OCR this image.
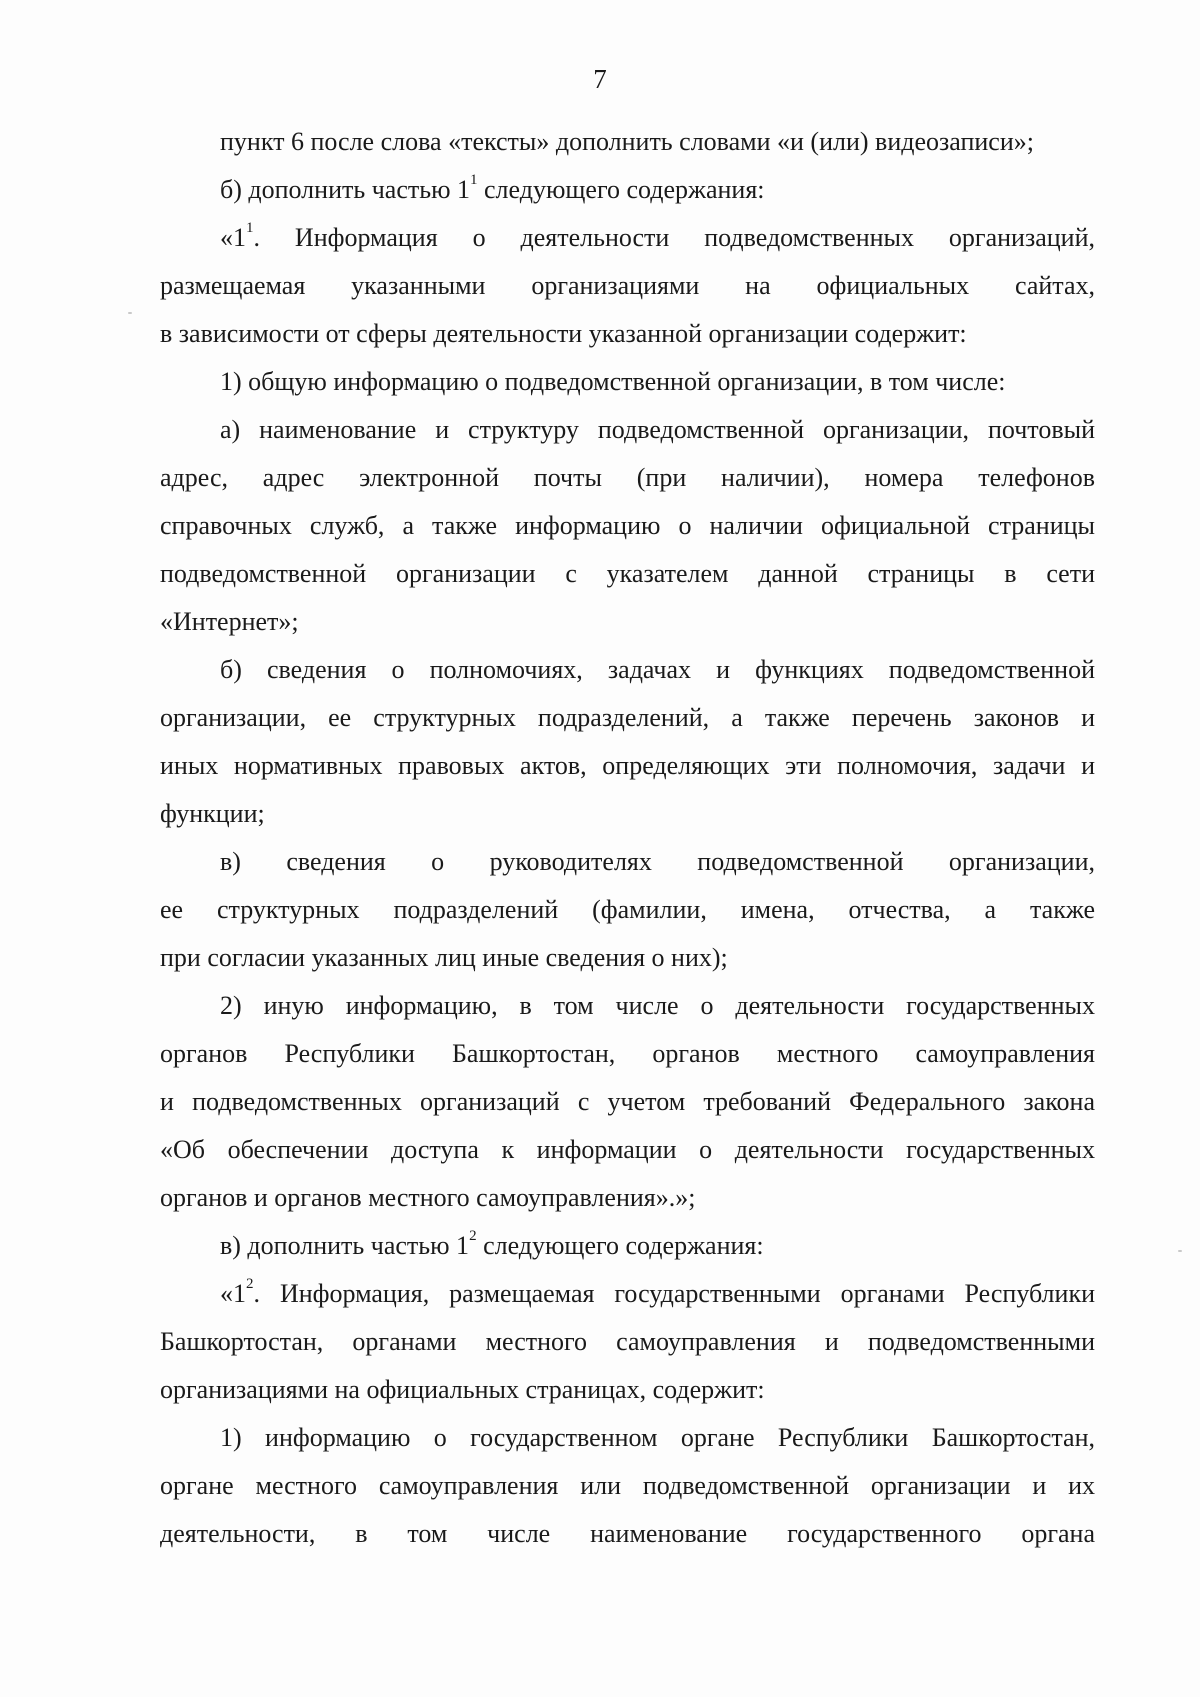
7
пункт 6 после слова «тексты» дополнить словами «и (или) видеозаписи»;
б) дополнить частью $1^1$ следующего содержания:
«$1^1$. Информация о деятельности подведомственных организаций,
размещаемая указанными организациями на официальных сайтах,
в зависимости от сферы деятельности указанной организации содержит:
1) общую информацию о подведомственной организации, в том числе:
а) наименование и структуру подведомственной организации, почтовый
адрес, адрес электронной почты (при наличии), номера телефонов
справочных служб, а также информацию о наличии официальной страницы
подведомственной организации с указателем данной страницы в сети
«Интернет»;
б) сведения о полномочиях, задачах и функциях подведомственной
организации, ее структурных подразделений, а также перечень законов и
иных нормативных правовых актов, определяющих эти полномочия, задачи и
функции;
в) сведения о руководителях подведомственной организации,
ее структурных подразделений (фамилии, имена, отчества, а также
при согласии указанных лиц иные сведения о них);
2) иную информацию, в том числе о деятельности государственных
органов Республики Башкортостан, органов местного самоуправления
и подведомственных организаций с учетом требований Федерального закона
«Об обеспечении доступа к информации о деятельности государственных
органов и органов местного самоуправления».»;
в) дополнить частью $1^2$ следующего содержания:
«$1^2$. Информация, размещаемая государственными органами Республики
Башкортостан, органами местного самоуправления и подведомственными
организациями на официальных страницах, содержит:
1) информацию о государственном органе Республики Башкортостан,
органе местного самоуправления или подведомственной организации и их
деятельности, в том числе наименование государственного органа
